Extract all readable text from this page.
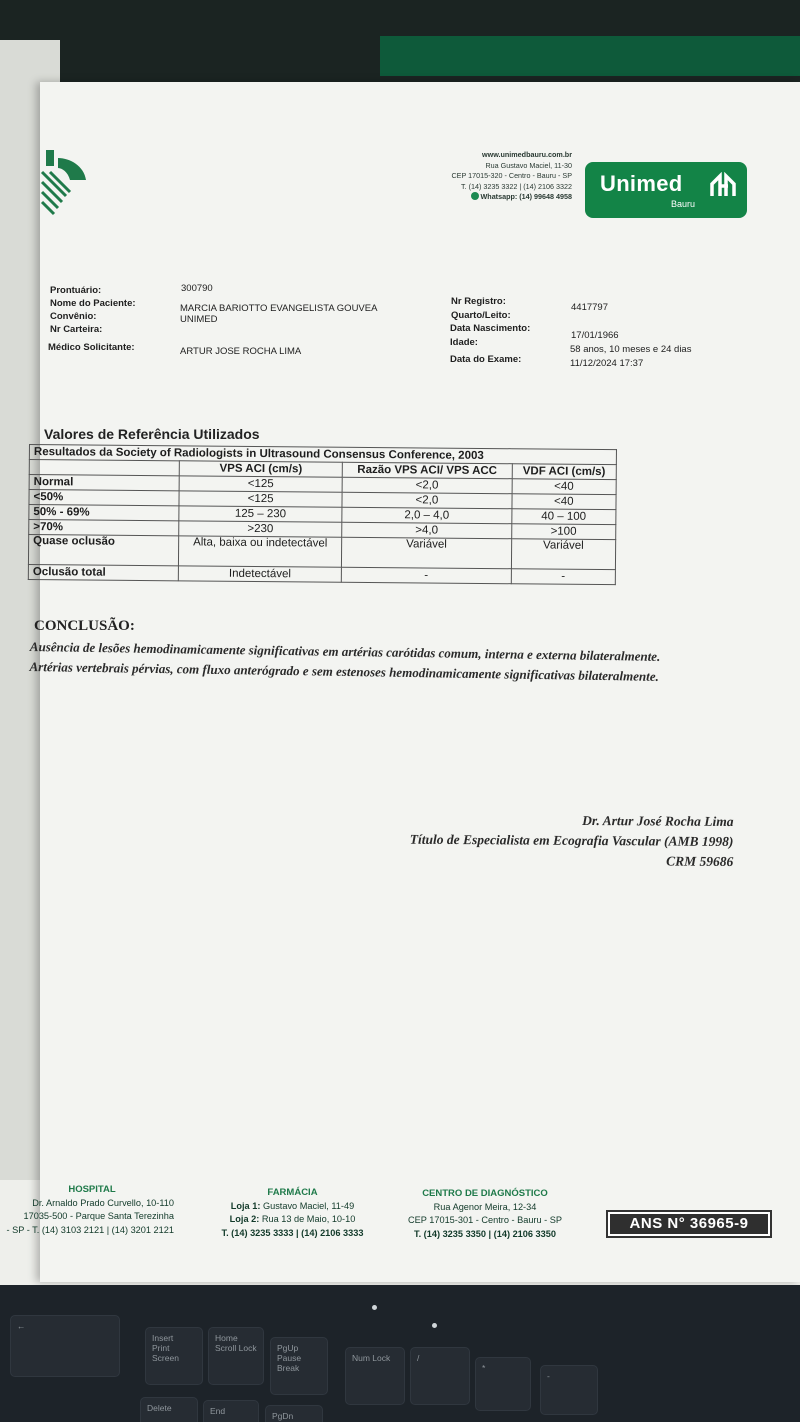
www.unimedbauru.com.br
Rua Gustavo Maciel, 11-30
CEP 17015-320 - Centro - Bauru - SP
T. (14) 3235 3322 | (14) 2106 3322
Whatsapp: (14) 99648 4958
Unimed
Bauru
Prontuário:	300790
Nome do Paciente:	MARCIA BARIOTTO EVANGELISTA GOUVEA
Convênio:	UNIMED
Nr Carteira:
Médico Solicitante:	ARTUR JOSE ROCHA LIMA
Nr Registro:
4417797
Quarto/Leito:
Data Nascimento:
17/01/1966
Idade:
58 anos, 10 meses e 24 dias
Data do Exame:	11/12/2024 17:37
Valores de Referência Utilizados
Resultados da Society of Radiologists in Ultrasound Consensus Conference, 2003			
	VPS ACI (cm/s)	Razão VPS ACI/ VPS ACC	VDF ACI (cm/s)
Normal	<125	<2,0	<40
<50%	<125	<2,0	<40
50% - 69%	125 – 230	2,0 – 4,0	40 – 100
>70%	>230	>4,0	>100
Quase oclusão	Alta, baixa ou indetectável	Variável	Variável
Oclusão total	Indetectável	-	-
CONCLUSÃO:

Ausência de lesões hemodinamicamente significativas em artérias carótidas comum, interna e externa bilateralmente.

Artérias vertebrais pérvias, com fluxo anterógrado e sem estenoses hemodinamicamente significativas bilateralmente.

Dr. Artur José Rocha Lima
Título de Especialista em Ecografia Vascular (AMB 1998)
CRM 59686
HOSPITAL
Dr. Arnaldo Prado Curvello, 10-110
17035-500 - Parque Santa Terezinha
- SP - T. (14) 3103 2121 | (14) 3201 2121
FARMÁCIA
Loja 1: Gustavo Maciel, 11-49
Loja 2: Rua 13 de Maio, 10-10
T. (14) 3235 3333 | (14) 2106 3333
CENTRO DE DIAGNÓSTICO
Rua Agenor Meira, 12-34
CEP 17015-301 - Centro - Bauru - SP
T. (14) 3235 3350 | (14) 2106 3350
ANS N° 36965-9
←
Insert
Print Screen
Home
Scroll Lock	PgUp
Pause Break
Num Lock	/
*
-
Delete	End	PgDn
